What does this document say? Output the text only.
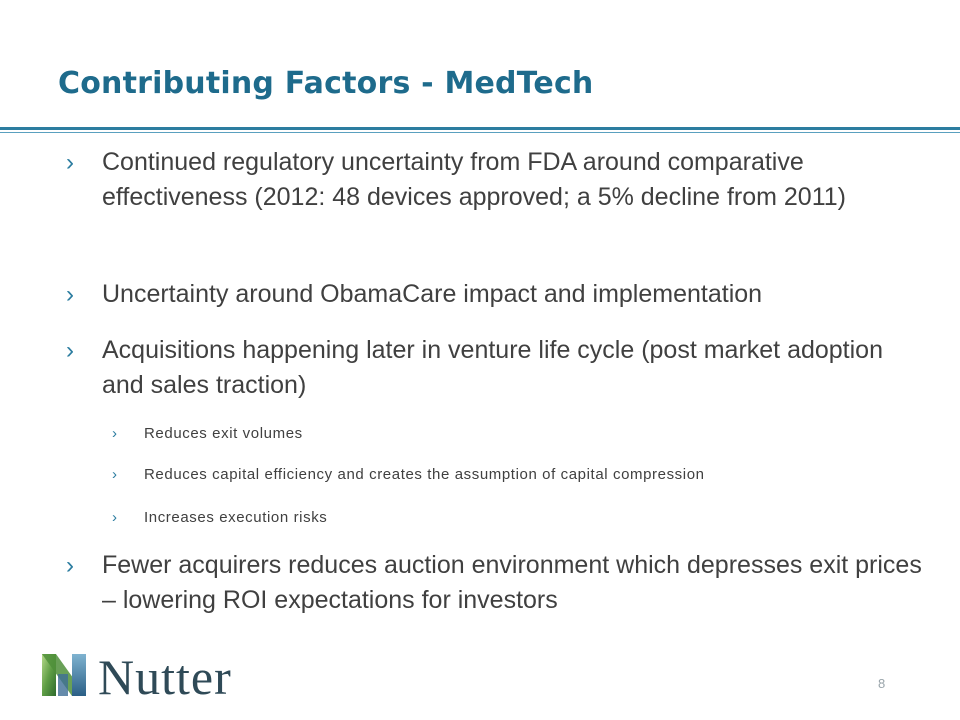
Contributing Factors - MedTech
› Continued regulatory uncertainty from FDA around comparative effectiveness (2012: 48 devices approved; a 5% decline from 2011)
› Uncertainty around ObamaCare impact and implementation
› Acquisitions happening later in venture life cycle (post market adoption and sales traction)
› Reduces exit volumes
› Reduces capital efficiency and creates the assumption of capital compression
› Increases execution risks
› Fewer acquirers reduces auction environment which depresses exit prices – lowering ROI expectations for investors
Nutter	8
